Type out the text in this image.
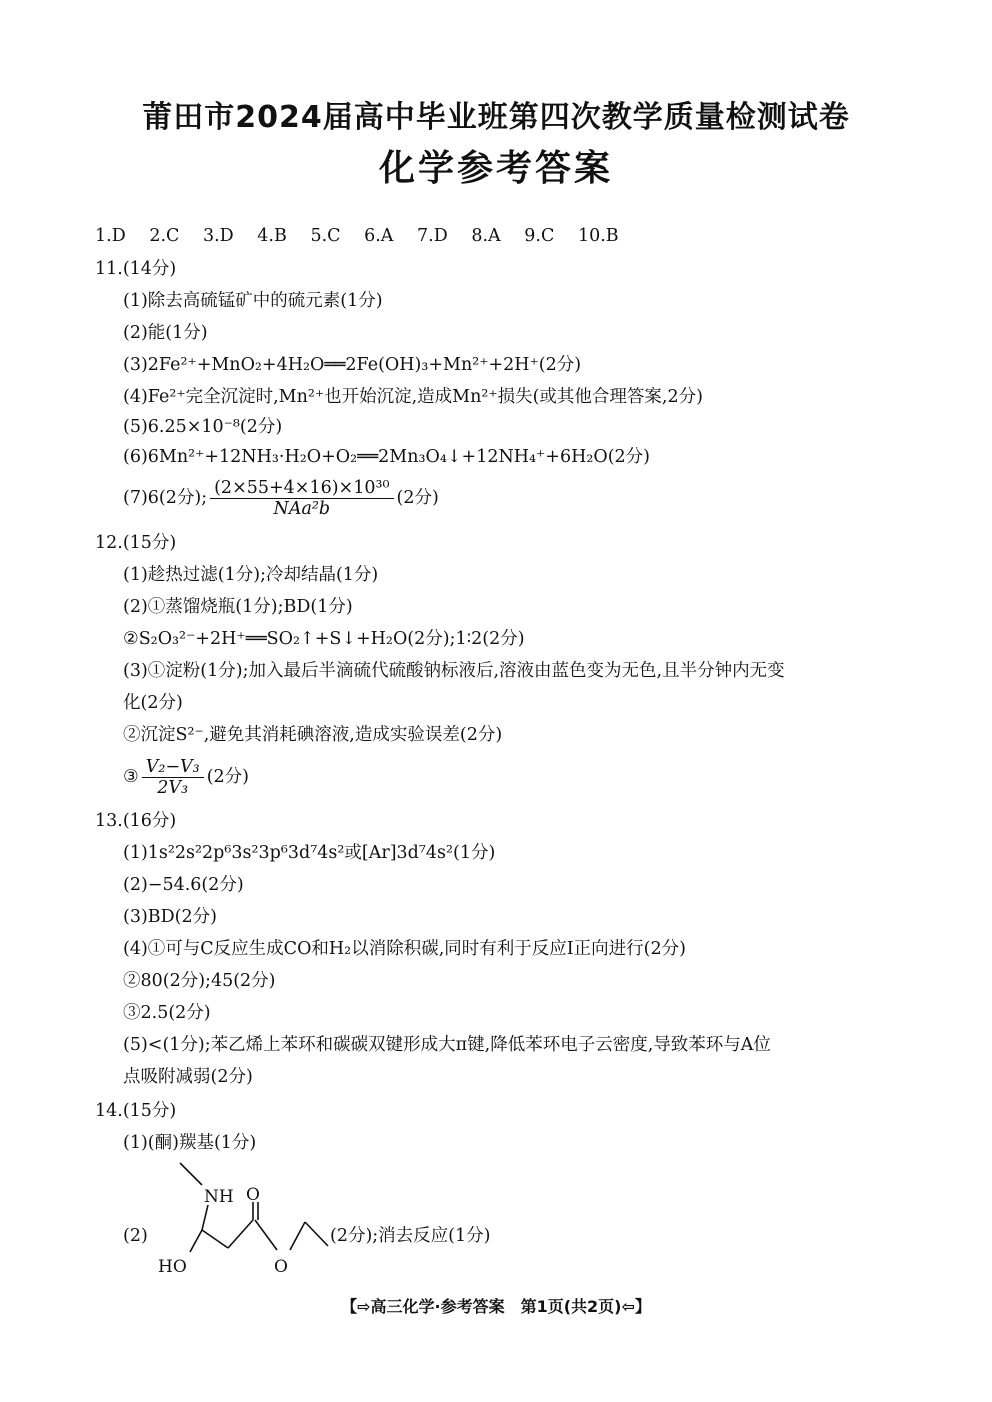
莆田市2024届高中毕业班第四次教学质量检测试卷
化学参考答案
1.D 2.C 3.D 4.B 5.C 6.A 7.D 8.A 9.C 10.B
11.(14分)
(1)除去高硫锰矿中的硫元素(1分)
(2)能(1分)
(3)2Fe²⁺+MnO₂+4H₂O══2Fe(OH)₃+Mn²⁺+2H⁺(2分)
(4)Fe²⁺完全沉淀时,Mn²⁺也开始沉淀,造成Mn²⁺损失(或其他合理答案,2分)
(5)6.25×10⁻⁸(2分)
(6)6Mn²⁺+12NH₃·H₂O+O₂══2Mn₃O₄↓+12NH₄⁺+6H₂O(2分)
(7)6(2分); $\frac{\text{(2×55+4×16)×10³⁰}}{\text{NAa²b}} (2$分)
12.(15分)
(1)趁热过滤(1分);冷却结晶(1分)
(2)①蒸馏烧瓶(1分);BD(1分)
②S₂O₃²⁻+2H⁺══SO₂↑+S↓+H₂O(2分);1∶2(2分)
(3)①淀粉(1分);加入最后半滴硫代硫酸钠标液后,溶液由蓝色变为无色,且半分钟内无变
化(2分)
②沉淀S²⁻,避免其消耗碘溶液,造成实验误差(2分)
③ $\frac{\text{V₂−V₃}}{\text{2V₃}} (2$分)
13.(16分)
(1)1s²2s²2p⁶3s²3p⁶3d⁷4s²或[Ar]3d⁷4s²(1分)
(2)−54.6(2分)
(3)BD(2分)
(4)①可与C反应生成CO和H₂以消除积碳,同时有利于反应Ⅰ正向进行(2分)
②80(2分);45(2分)
③2.5(2分)
(5)<(1分);苯乙烯上苯环和碳碳双键形成大π键,降低苯环电子云密度,导致苯环与A位
点吸附减弱(2分)
14.(15分)
(1)(酮)羰基(1分)
(2)
NH O
HO	O
(2分);消去反应(1分)
【⇨高三化学·参考答案　第1页(共2页)⇦】
